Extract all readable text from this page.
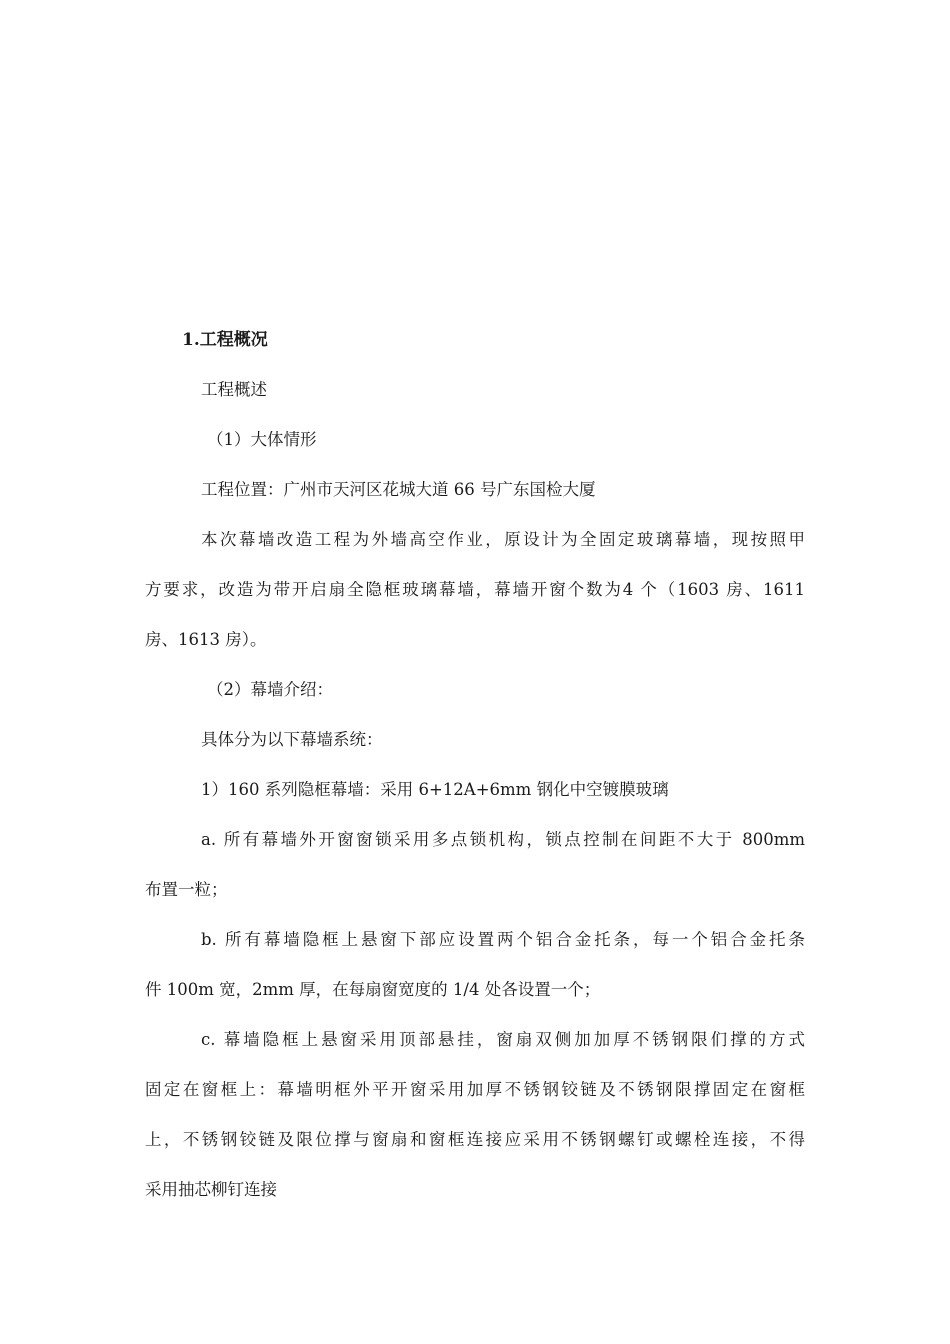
1.工程概况
工程概述
（1）大体情形
工程位置：广州市天河区花城大道 66 号广东国检大厦
本次幕墙改造工程为外墙高空作业，原设计为全固定玻璃幕墙，现按照甲
方要求，改造为带开启扇全隐框玻璃幕墙，幕墙开窗个数为4 个（1603 房、1611
房、1613 房）。
（2）幕墙介绍：
具体分为以下幕墙系统：
1）160 系列隐框幕墙：采用 6+12A+6mm 钢化中空镀膜玻璃
a. 所有幕墙外开窗窗锁采用多点锁机构，锁点控制在间距不大于 800mm
布置一粒；
b. 所有幕墙隐框上悬窗下部应设置两个铝合金托条，每一个铝合金托条
件 100m 宽，2mm 厚，在每扇窗宽度的 1/4 处各设置一个；
c. 幕墙隐框上悬窗采用顶部悬挂，窗扇双侧加加厚不锈钢限们撑的方式
固定在窗框上：幕墙明框外平开窗采用加厚不锈钢铰链及不锈钢限撑固定在窗框
上，不锈钢铰链及限位撑与窗扇和窗框连接应采用不锈钢螺钉或螺栓连接，不得
采用抽芯柳钉连接
